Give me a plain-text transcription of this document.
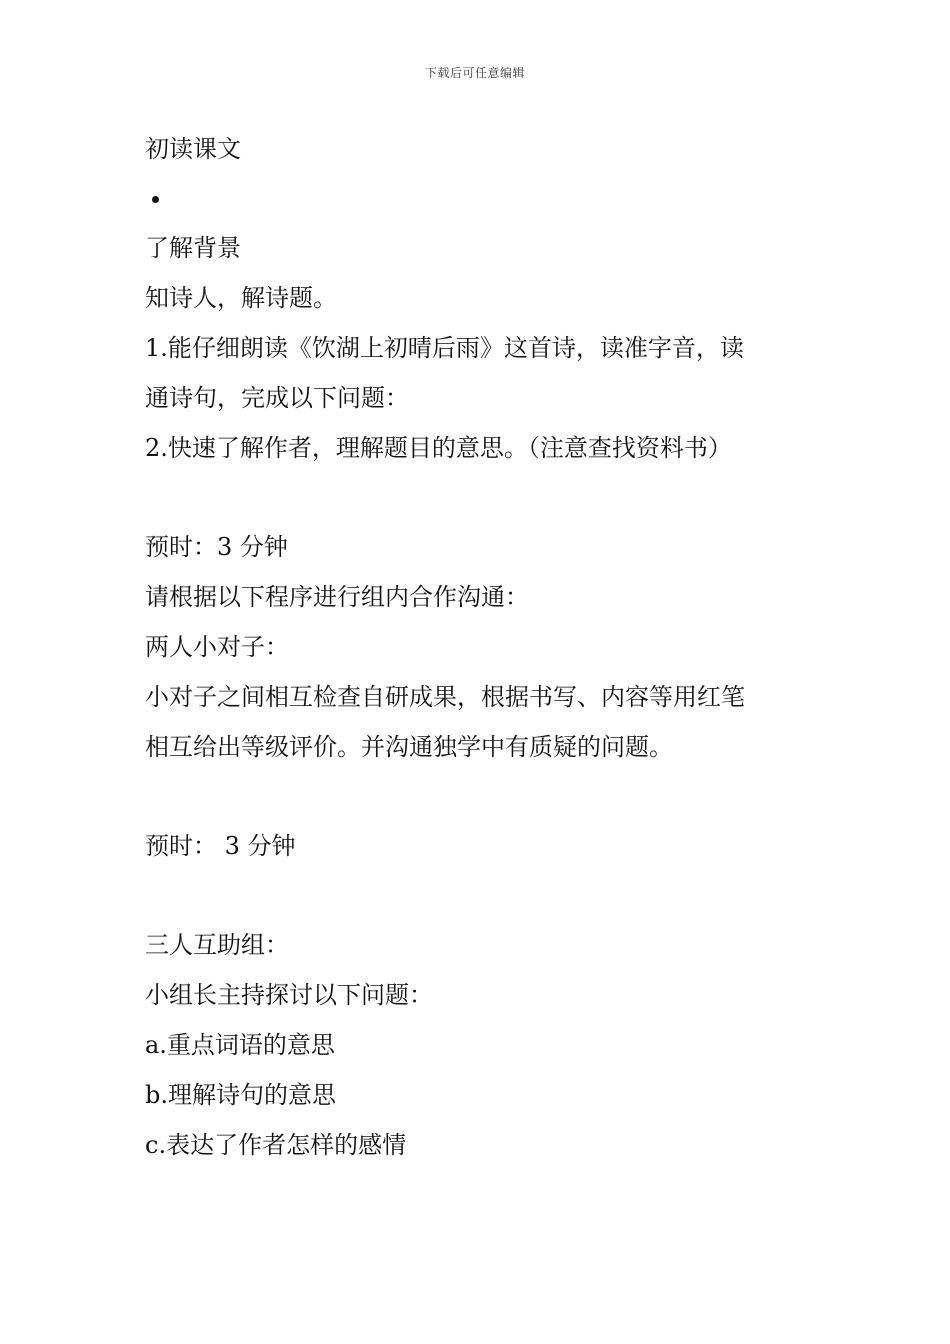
下载后可任意编辑
初读课文
了解背景
知诗人，解诗题。
1.能仔细朗读《饮湖上初晴后雨》这首诗，读准字音，读
通诗句，完成以下问题：
2.快速了解作者，理解题目的意思。（注意查找资料书）
预时：3 分钟
请根据以下程序进行组内合作沟通：
两人小对子：
小对子之间相互检查自研成果，根据书写、内容等用红笔
相互给出等级评价。并沟通独学中有质疑的问题。
预时： 3 分钟
三人互助组：
小组长主持探讨以下问题：
a.重点词语的意思
b.理解诗句的意思
c.表达了作者怎样的感情
